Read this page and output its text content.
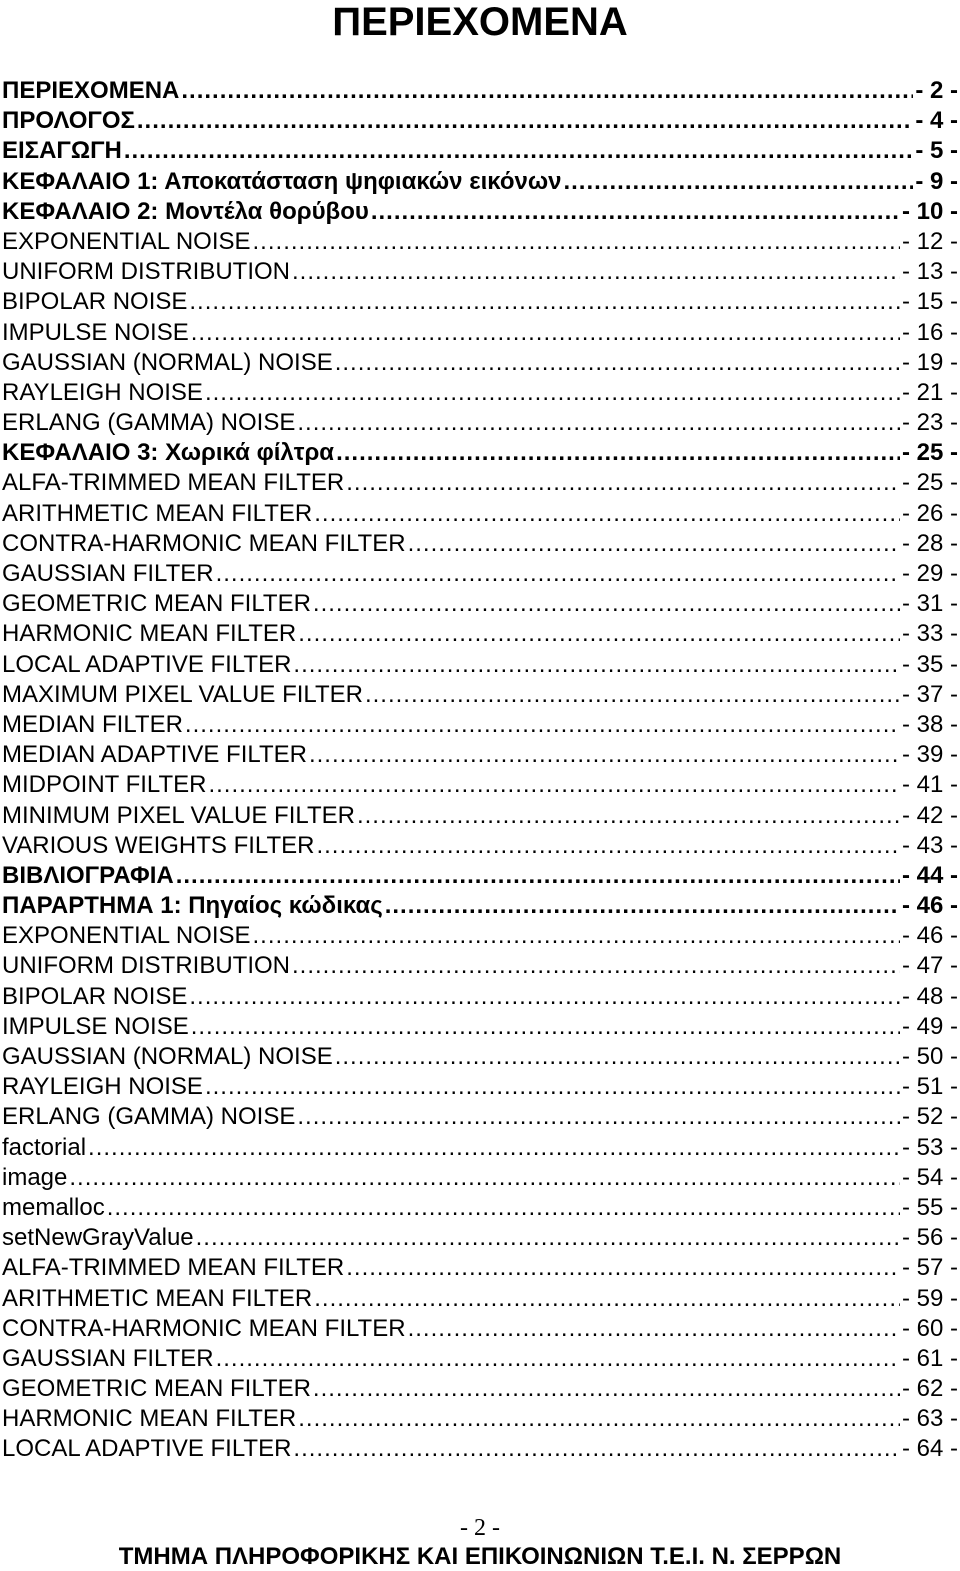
ΠΕΡΙΕΧΟΜΕΝΑ
ΠΕΡΙΕΧΟΜΕΝΑ .....	- 2 -
ΠΡΟΛΟΓΟΣ .....	- 4 -
ΕΙΣΑΓΩΓΗ .....	- 5 -
ΚΕΦΑΛΑΙΟ 1: Αποκατάσταση ψηφιακών εικόνων .....	- 9 -
ΚΕΦΑΛΑΙΟ 2: Μοντέλα θορύβου .....	- 10 -
EXPONENTIAL NOISE .....	- 12 -
UNIFORM DISTRIBUTION .....	- 13 -
BIPOLAR NOISE .....	- 15 -
IMPULSE NOISE .....	- 16 -
GAUSSIAN (NORMAL) NOISE .....	- 19 -
RAYLEIGH NOISE .....	- 21 -
ERLANG (GAMMA) NOISE .....	- 23 -
ΚΕΦΑΛΑΙΟ 3: Χωρικά φίλτρα .....	- 25 -
ALFA-TRIMMED MEAN FILTER .....	- 25 -
ARITHMETIC MEAN FILTER .....	- 26 -
CONTRA-HARMONIC MEAN FILTER .....	- 28 -
GAUSSIAN FILTER .....	- 29 -
GEOMETRIC MEAN FILTER .....	- 31 -
HARMONIC MEAN FILTER .....	- 33 -
LOCAL ADAPTIVE FILTER .....	- 35 -
MAXIMUM PIXEL VALUE FILTER .....	- 37 -
MEDIAN FILTER .....	- 38 -
MEDIAN ADAPTIVE FILTER .....	- 39 -
MIDPOINT FILTER .....	- 41 -
MINIMUM PIXEL VALUE FILTER .....	- 42 -
VARIOUS WEIGHTS FILTER .....	- 43 -
ΒΙΒΛΙΟΓΡΑΦΙΑ .....	- 44 -
ΠΑΡΑΡΤΗΜΑ 1: Πηγαίος κώδικας .....	- 46 -
EXPONENTIAL NOISE .....	- 46 -
UNIFORM DISTRIBUTION .....	- 47 -
BIPOLAR NOISE .....	- 48 -
IMPULSE NOISE .....	- 49 -
GAUSSIAN (NORMAL) NOISE .....	- 50 -
RAYLEIGH NOISE .....	- 51 -
ERLANG (GAMMA) NOISE .....	- 52 -
factorial .....	- 53 -
image .....	- 54 -
memalloc .....	- 55 -
setNewGrayValue .....	- 56 -
ALFA-TRIMMED MEAN FILTER .....	- 57 -
ARITHMETIC MEAN FILTER .....	- 59 -
CONTRA-HARMONIC MEAN FILTER .....	- 60 -
GAUSSIAN FILTER .....	- 61 -
GEOMETRIC MEAN FILTER .....	- 62 -
HARMONIC MEAN FILTER .....	- 63 -
LOCAL ADAPTIVE FILTER .....	- 64 -
- 2 -
ΤΜΗΜΑ ΠΛΗΡΟΦΟΡΙΚΗΣ ΚΑΙ ΕΠΙΚΟΙΝΩΝΙΩΝ Τ.Ε.Ι. Ν. ΣΕΡΡΩΝ
